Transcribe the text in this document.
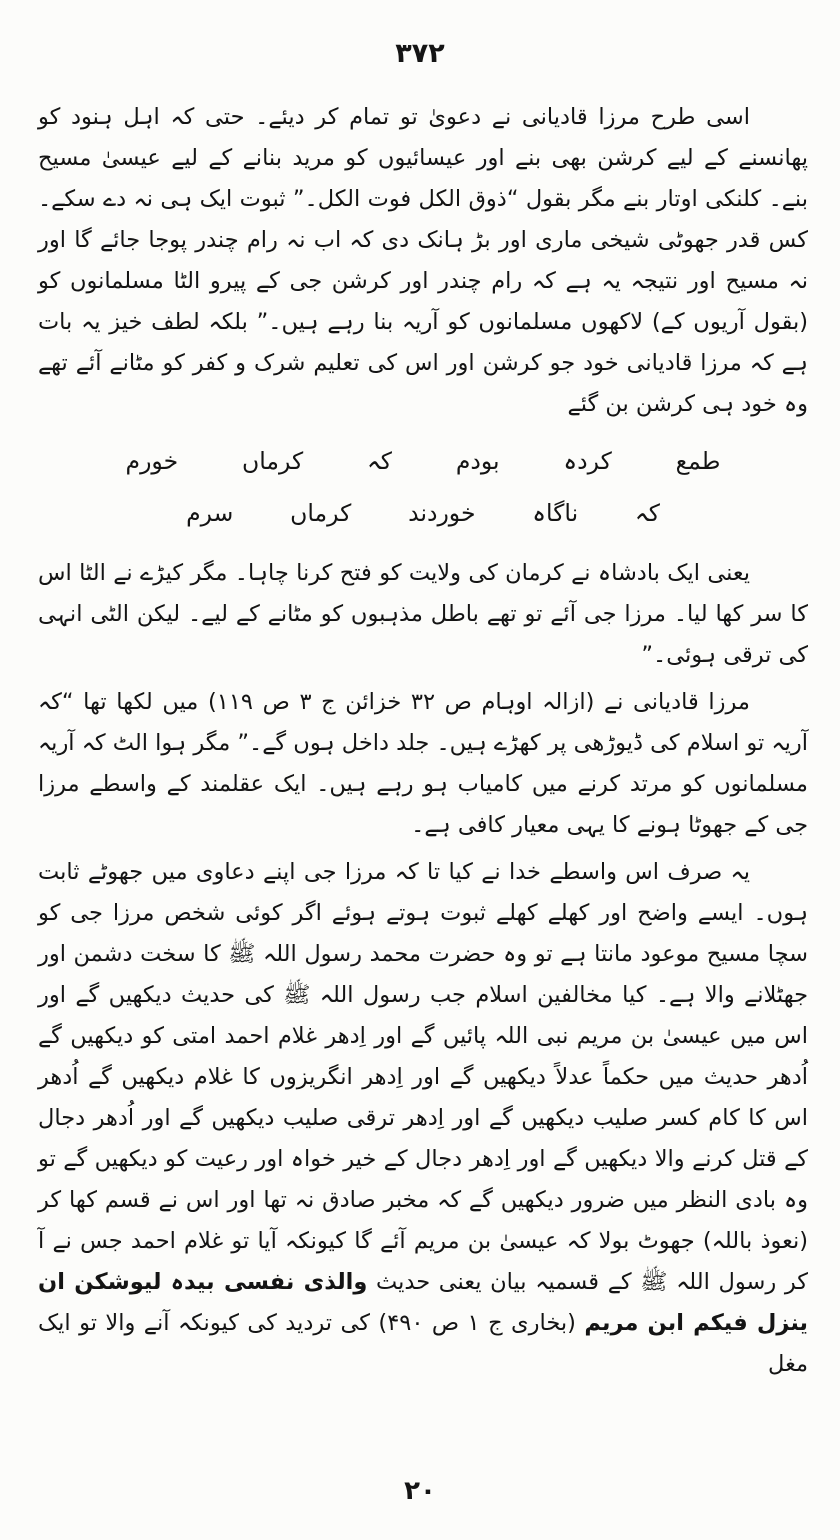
۳۷۲

اسی طرح مرزا قادیانی نے دعویٰ تو تمام کر دیئے۔ حتی کہ اہل ہنود کو پھانسنے کے لیے کرشن بھی بنے اور عیسائیوں کو مرید بنانے کے لیے عیسیٰ مسیح بنے۔ کلنکی اوتار بنے مگر بقول “ذوق الکل فوت الکل۔” ثبوت ایک ہی نہ دے سکے۔ کس قدر جھوٹی شیخی ماری اور بڑ ہانک دی کہ اب نہ رام چندر پوجا جائے گا اور نہ مسیح اور نتیجہ یہ ہے کہ رام چندر اور کرشن جی کے پیرو الٹا مسلمانوں کو (بقول آریوں کے) لاکھوں مسلمانوں کو آریہ بنا رہے ہیں۔” بلکہ لطف خیز یہ بات ہے کہ مرزا قادیانی خود جو کرشن اور اس کی تعلیم شرک و کفر کو مٹانے آئے تھے وہ خود ہی کرشن بن گئے

طمع کردہ بودم کہ کرماں خورم
کہ ناگاہ خوردند کرماں سرم

یعنی ایک بادشاہ نے کرمان کی ولایت کو فتح کرنا چاہا۔ مگر کیڑے نے الٹا اس کا سر کھا لیا۔ مرزا جی آئے تو تھے باطل مذہبوں کو مٹانے کے لیے۔ لیکن الٹی انہی کی ترقی ہوئی۔”

مرزا قادیانی نے (ازالہ اوہام ص ۳۲ خزائن ج ۳ ص ۱۱۹) میں لکھا تھا “کہ آریہ تو اسلام کی ڈیوڑھی پر کھڑے ہیں۔ جلد داخل ہوں گے۔” مگر ہوا الٹ کہ آریہ مسلمانوں کو مرتد کرنے میں کامیاب ہو رہے ہیں۔ ایک عقلمند کے واسطے مرزا جی کے جھوٹا ہونے کا یہی معیار کافی ہے۔

یہ صرف اس واسطے خدا نے کیا تا کہ مرزا جی اپنے دعاوی میں جھوٹے ثابت ہوں۔ ایسے واضح اور کھلے کھلے ثبوت ہوتے ہوئے اگر کوئی شخص مرزا جی کو سچا مسیح موعود مانتا ہے تو وہ حضرت محمد رسول اللہ ﷺ کا سخت دشمن اور جھٹلانے والا ہے۔ کیا مخالفین اسلام جب رسول اللہ ﷺ کی حدیث دیکھیں گے اور اس میں عیسیٰ بن مریم نبی اللہ پائیں گے اور اِدھر غلام احمد امتی کو دیکھیں گے اُدھر حدیث میں حکماً عدلاً دیکھیں گے اور اِدھر انگریزوں کا غلام دیکھیں گے اُدھر اس کا کام کسر صلیب دیکھیں گے اور اِدھر ترقی صلیب دیکھیں گے اور اُدھر دجال کے قتل کرنے والا دیکھیں گے اور اِدھر دجال کے خیر خواہ اور رعیت کو دیکھیں گے تو وہ بادی النظر میں ضرور دیکھیں گے کہ مخبر صادق نہ تھا اور اس نے قسم کھا کر (نعوذ باللہ) جھوٹ بولا کہ عیسیٰ بن مریم آئے گا کیونکہ آیا تو غلام احمد جس نے آ کر رسول اللہ ﷺ کے قسمیہ بیان یعنی حدیث والذی نفسی بیدہ لیوشکن ان ینزل فیکم ابن مریم (بخاری ج ۱ ص ۴۹۰) کی تردید کی کیونکہ آنے والا تو ایک مغل

۲۰
